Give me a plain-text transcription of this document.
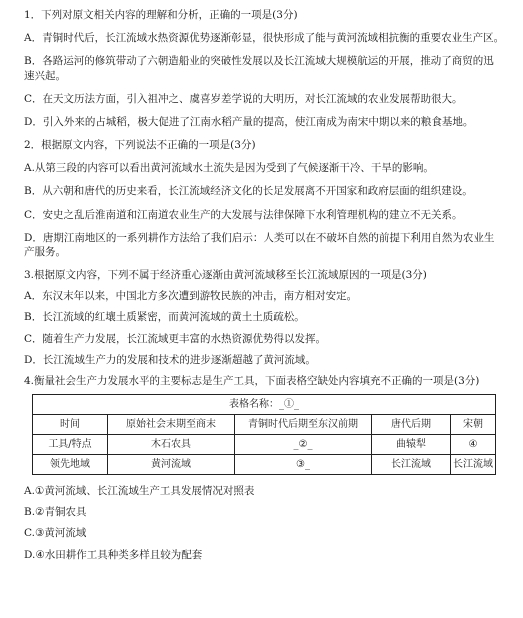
1．下列对原文相关内容的理解和分析，正确的一项是(3分)

A．青铜时代后，长江流域水热资源优势逐渐彰显，很快形成了能与黄河流域相抗衡的重要农业生产区。

B．各路运河的修筑带动了六朝造船业的突破性发展以及长江流域大规模航运的开展，推动了商贸的迅速兴起。

C．在天文历法方面，引入祖冲之、虞喜岁差学说的大明历，对长江流域的农业发展帮助很大。

D．引入外来的占城稻，极大促进了江南水稻产量的提高，使江南成为南宋中期以来的粮食基地。

2．根据原文内容，下列说法不正确的一项是(3分)

A.从第三段的内容可以看出黄河流域水土流失是因为受到了气候逐渐干冷、干旱的影响。

B．从六朝和唐代的历史来看，长江流域经济文化的长足发展离不开国家和政府层面的组织建设。

C．安史之乱后淮南道和江南道农业生产的大发展与法律保障下水利管理机构的建立不无关系。

D．唐期江南地区的一系列耕作方法给了我们启示：人类可以在不破坏自然的前提下利用自然为农业生产服务。

3.根据原文内容，下列不属于经济重心逐渐由黄河流域移至长江流域原因的一项是(3分)

A．东汉末年以来，中国北方多次遭到游牧民族的冲击，南方相对安定。

B．长江流域的红壤土质紧密，而黄河流域的黄土土质疏松。

C．随着生产力发展，长江流域更丰富的水热资源优势得以发挥。

D．长江流域生产力的发展和技术的进步逐渐超越了黄河流域。

4.衡量社会生产力发展水平的主要标志是生产工具，下面表格空缺处内容填充不正确的一项是(3分)

表格名称：_①_				
时间	原始社会末期至商末	青铜时代后期至东汉前期	唐代后期	宋朝
工具/特点	木石农具	_②_	曲辕犁	④
领先地域	黄河流域	③_	长江流域	长江流域

A.①黄河流域、长江流域生产工具发展情况对照表

B.②青铜农具

C.③黄河流域

D.④水田耕作工具种类多样且较为配套
